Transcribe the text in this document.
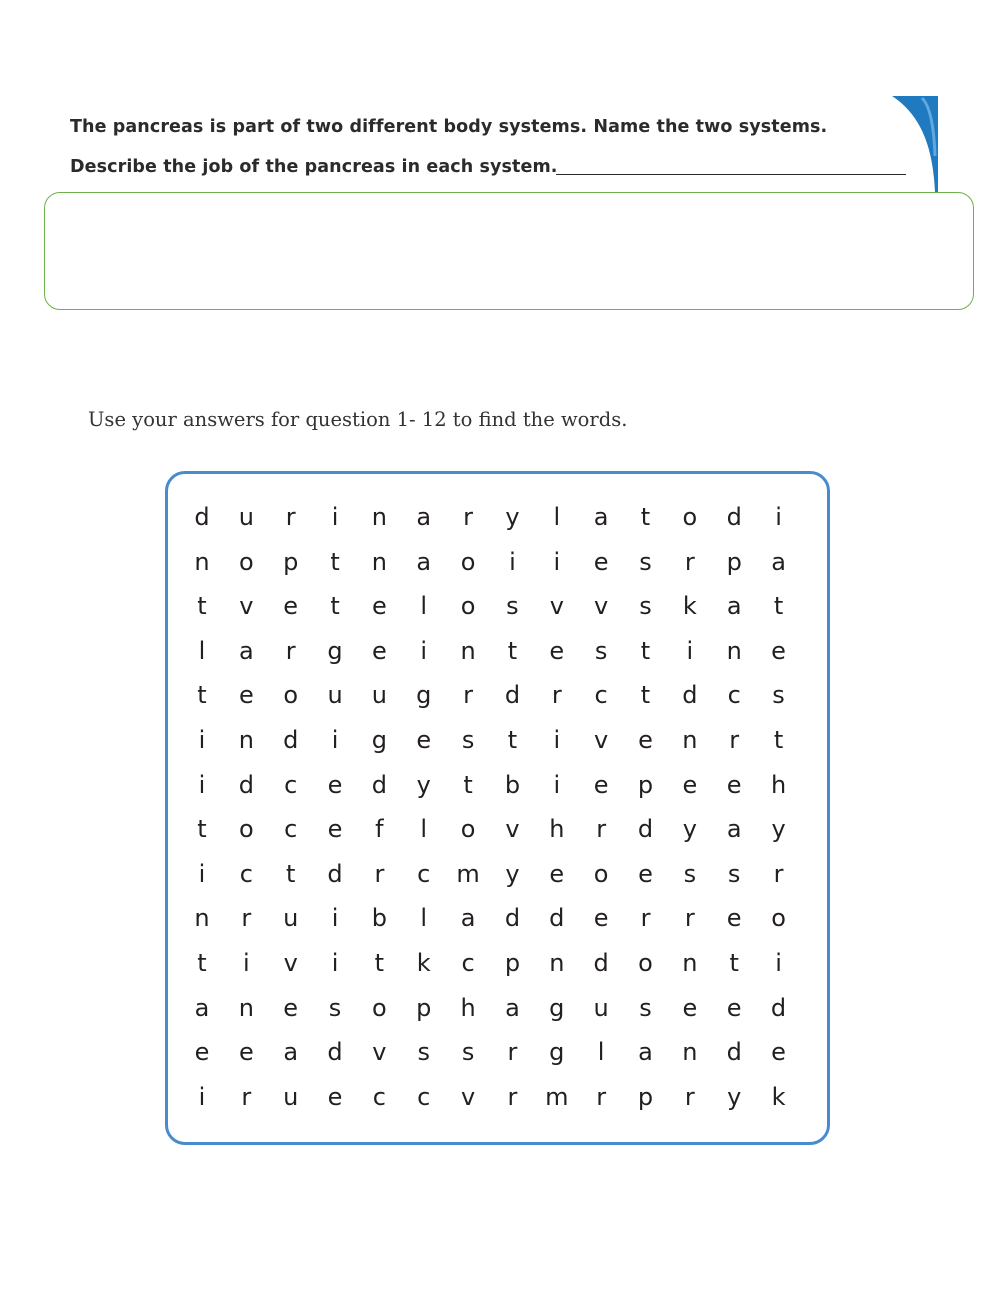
The pancreas is part of two different body systems. Name the two systems.
Describe the job of the pancreas in each system.
Use your answers for question 1- 12 to find the words.
d	u	r	i	n	a	r	y	l	a	t	o	d	i
n	o	p	t	n	a	o	i	i	e	s	r	p	a
t	v	e	t	e	l	o	s	v	v	s	k	a	t
l	a	r	g	e	i	n	t	e	s	t	i	n	e
t	e	o	u	u	g	r	d	r	c	t	d	c	s
i	n	d	i	g	e	s	t	i	v	e	n	r	t
i	d	c	e	d	y	t	b	i	e	p	e	e	h
t	o	c	e	f	l	o	v	h	r	d	y	a	y
i	c	t	d	r	c	m	y	e	o	e	s	s	r
n	r	u	i	b	l	a	d	d	e	r	r	e	o
t	i	v	i	t	k	c	p	n	d	o	n	t	i
a	n	e	s	o	p	h	a	g	u	s	e	e	d
e	e	a	d	v	s	s	r	g	l	a	n	d	e
i	r	u	e	c	c	v	r	m	r	p	r	y	k
